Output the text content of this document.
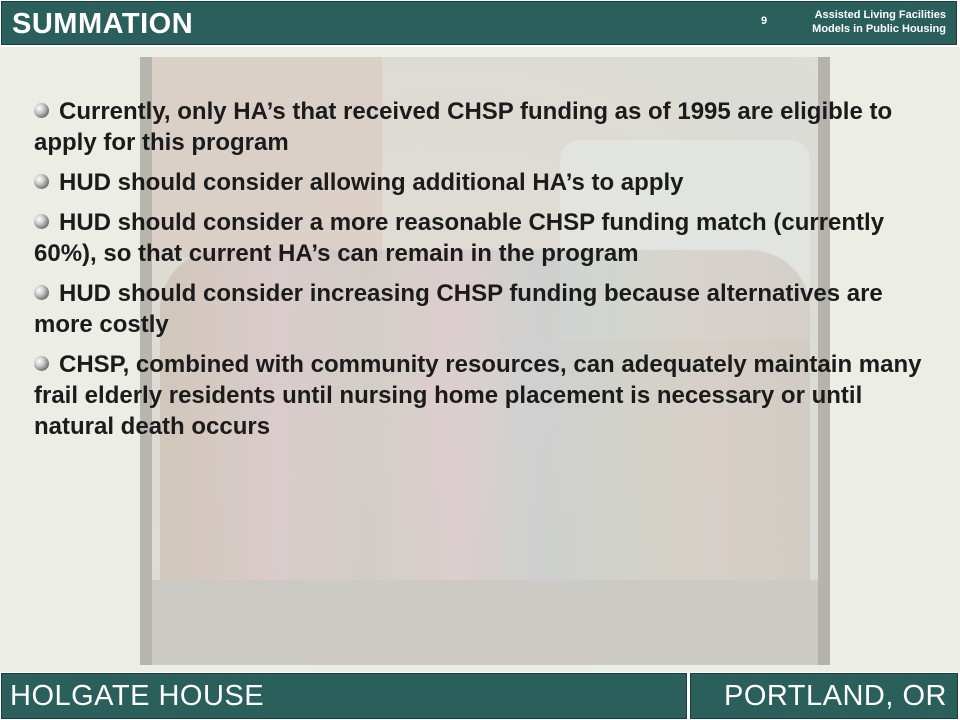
SUMMATION	9	Assisted Living Facilities
Models in Public Housing
Currently, only HA’s that received CHSP funding as of 1995 are eligible to apply for this program
HUD should consider allowing additional HA’s to apply
HUD should consider a more reasonable CHSP funding match (currently 60%), so that current HA’s can remain in the program
HUD should consider increasing CHSP funding because alternatives are more costly
CHSP, combined with community resources, can adequately maintain many frail elderly residents until nursing home placement is necessary or until natural death occurs
HOLGATE HOUSE	PORTLAND, OR
